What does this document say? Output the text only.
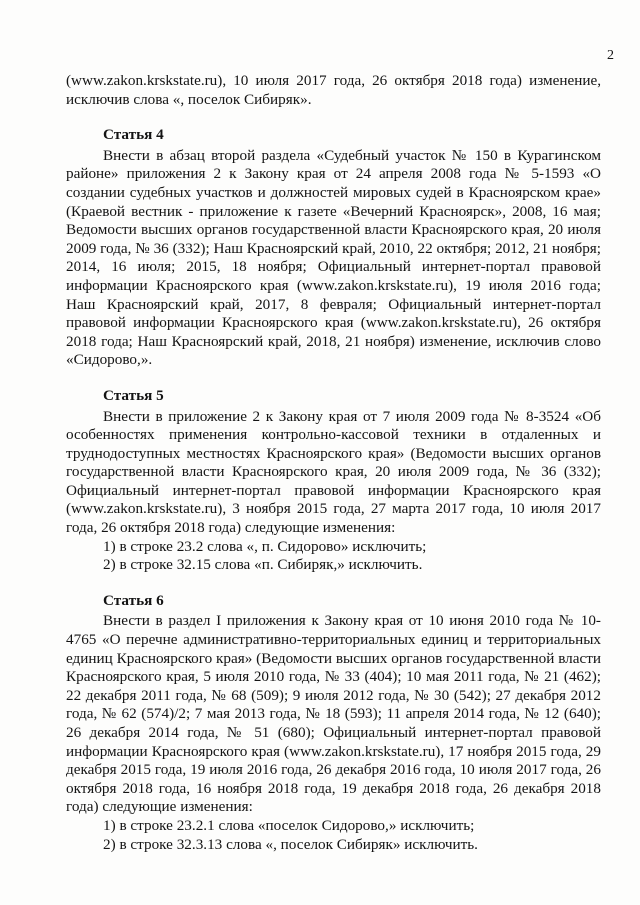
2

(www.zakon.krskstate.ru), 10 июля 2017 года, 26 октября 2018 года) изменение, исключив слова «, поселок Сибиряк».

Статья 4

Внести в абзац второй раздела «Судебный участок № 150 в Курагинском районе» приложения 2 к Закону края от 24 апреля 2008 года № 5-1593 «О создании судебных участков и должностей мировых судей в Красноярском крае» (Краевой вестник - приложение к газете «Вечерний Красноярск», 2008, 16 мая; Ведомости высших органов государственной власти Красноярского края, 20 июля 2009 года, № 36 (332); Наш Красноярский край, 2010, 22 октября; 2012, 21 ноября; 2014, 16 июля; 2015, 18 ноября; Официальный интернет-портал правовой информации Красноярского края (www.zakon.krskstate.ru), 19 июля 2016 года; Наш Красноярский край, 2017, 8 февраля; Официальный интернет-портал правовой информации Красноярского края (www.zakon.krskstate.ru), 26 октября 2018 года; Наш Красноярский край, 2018, 21 ноября) изменение, исключив слово «Сидорово,».

Статья 5

Внести в приложение 2 к Закону края от 7 июля 2009 года № 8-3524 «Об особенностях применения контрольно-кассовой техники в отдаленных и труднодоступных местностях Красноярского края» (Ведомости высших органов государственной власти Красноярского края, 20 июля 2009 года, № 36 (332); Официальный интернет-портал правовой информации Красноярского края (www.zakon.krskstate.ru), 3 ноября 2015 года, 27 марта 2017 года, 10 июля 2017 года, 26 октября 2018 года) следующие изменения:

1) в строке 23.2 слова «, п. Сидорово» исключить;

2) в строке 32.15 слова «п. Сибиряк,» исключить.

Статья 6

Внести в раздел I приложения к Закону края от 10 июня 2010 года № 10-4765 «О перечне административно-территориальных единиц и территориальных единиц Красноярского края» (Ведомости высших органов государственной власти Красноярского края, 5 июля 2010 года, № 33 (404); 10 мая 2011 года, № 21 (462); 22 декабря 2011 года, № 68 (509); 9 июля 2012 года, № 30 (542); 27 декабря 2012 года, № 62 (574)/2; 7 мая 2013 года, № 18 (593); 11 апреля 2014 года, № 12 (640); 26 декабря 2014 года, № 51 (680); Официальный интернет-портал правовой информации Красноярского края (www.zakon.krskstate.ru), 17 ноября 2015 года, 29 декабря 2015 года, 19 июля 2016 года, 26 декабря 2016 года, 10 июля 2017 года, 26 октября 2018 года, 16 ноября 2018 года, 19 декабря 2018 года, 26 декабря 2018 года) следующие изменения:

1) в строке 23.2.1 слова «поселок Сидорово,» исключить;

2) в строке 32.3.13 слова «, поселок Сибиряк» исключить.
